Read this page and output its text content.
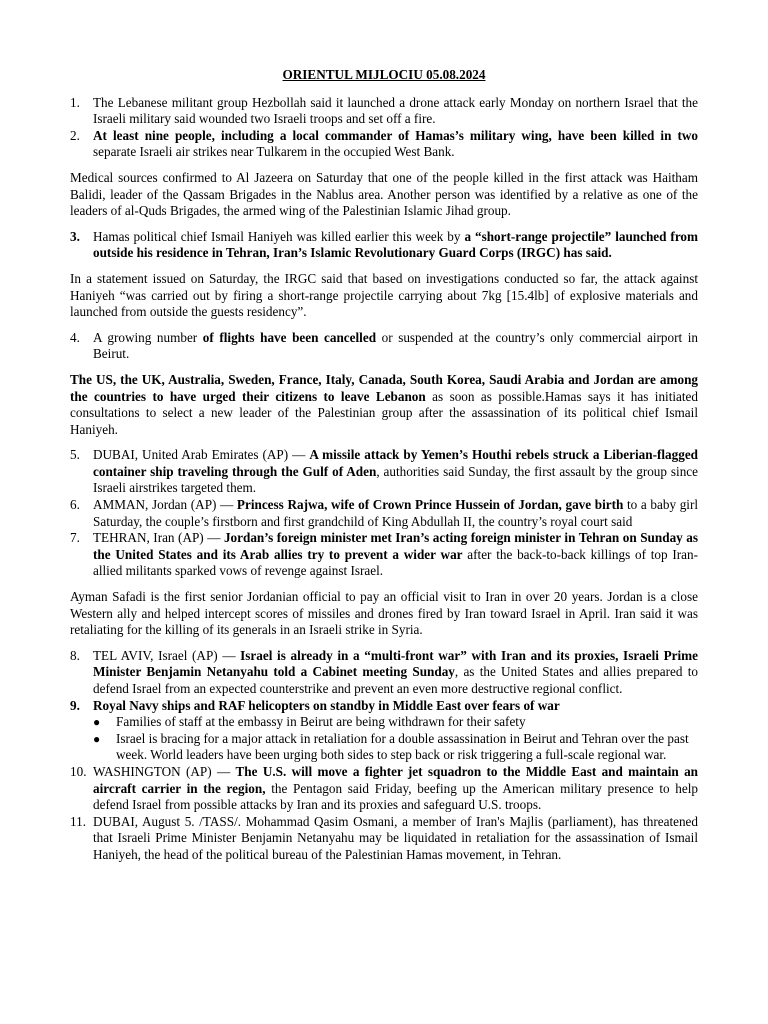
ORIENTUL MIJLOCIU 05.08.2024
1. The Lebanese militant group Hezbollah said it launched a drone attack early Monday on northern Israel that the Israeli military said wounded two Israeli troops and set off a fire.
2. At least nine people, including a local commander of Hamas’s military wing, have been killed in two separate Israeli air strikes near Tulkarem in the occupied West Bank.

Medical sources confirmed to Al Jazeera on Saturday that one of the people killed in the first attack was Haitham Balidi, leader of the Qassam Brigades in the Nablus area. Another person was identified by a relative as one of the leaders of al-Quds Brigades, the armed wing of the Palestinian Islamic Jihad group.

3. Hamas political chief Ismail Haniyeh was killed earlier this week by a “short-range projectile” launched from outside his residence in Tehran, Iran’s Islamic Revolutionary Guard Corps (IRGC) has said.

In a statement issued on Saturday, the IRGC said that based on investigations conducted so far, the attack against Haniyeh “was carried out by firing a short-range projectile carrying about 7kg [15.4lb] of explosive materials and launched from outside the guests residency”.

4. A growing number of flights have been cancelled or suspended at the country’s only commercial airport in Beirut.

The US, the UK, Australia, Sweden, France, Italy, Canada, South Korea, Saudi Arabia and Jordan are among the countries to have urged their citizens to leave Lebanon as soon as possible.Hamas says it has initiated consultations to select a new leader of the Palestinian group after the assassination of its political chief Ismail Haniyeh.

5. DUBAI, United Arab Emirates (AP) — A missile attack by Yemen’s Houthi rebels struck a Liberian-flagged container ship traveling through the Gulf of Aden, authorities said Sunday, the first assault by the group since Israeli airstrikes targeted them.
6. AMMAN, Jordan (AP) — Princess Rajwa, wife of Crown Prince Hussein of Jordan, gave birth to a baby girl Saturday, the couple’s firstborn and first grandchild of King Abdullah II, the country’s royal court said
7. TEHRAN, Iran (AP) — Jordan’s foreign minister met Iran’s acting foreign minister in Tehran on Sunday as the United States and its Arab allies try to prevent a wider war after the back-to-back killings of top Iran-allied militants sparked vows of revenge against Israel.

Ayman Safadi is the first senior Jordanian official to pay an official visit to Iran in over 20 years. Jordan is a close Western ally and helped intercept scores of missiles and drones fired by Iran toward Israel in April. Iran said it was retaliating for the killing of its generals in an Israeli strike in Syria.

8. TEL AVIV, Israel (AP) — Israel is already in a “multi-front war” with Iran and its proxies, Israeli Prime Minister Benjamin Netanyahu told a Cabinet meeting Sunday, as the United States and allies prepared to defend Israel from an expected counterstrike and prevent an even more destructive regional conflict.
9. Royal Navy ships and RAF helicopters on standby in Middle East over fears of war
●	Families of staff at the embassy in Beirut are being withdrawn for their safety
●	Israel is bracing for a major attack in retaliation for a double assassination in Beirut and Tehran over the past week. World leaders have been urging both sides to step back or risk triggering a full-scale regional war.
10. WASHINGTON (AP) — The U.S. will move a fighter jet squadron to the Middle East and maintain an aircraft carrier in the region, the Pentagon said Friday, beefing up the American military presence to help defend Israel from possible attacks by Iran and its proxies and safeguard U.S. troops.
11. DUBAI, August 5. /TASS/. Mohammad Qasim Osmani, a member of Iran's Majlis (parliament), has threatened that Israeli Prime Minister Benjamin Netanyahu may be liquidated in retaliation for the assassination of Ismail Haniyeh, the head of the political bureau of the Palestinian Hamas movement, in Tehran.
